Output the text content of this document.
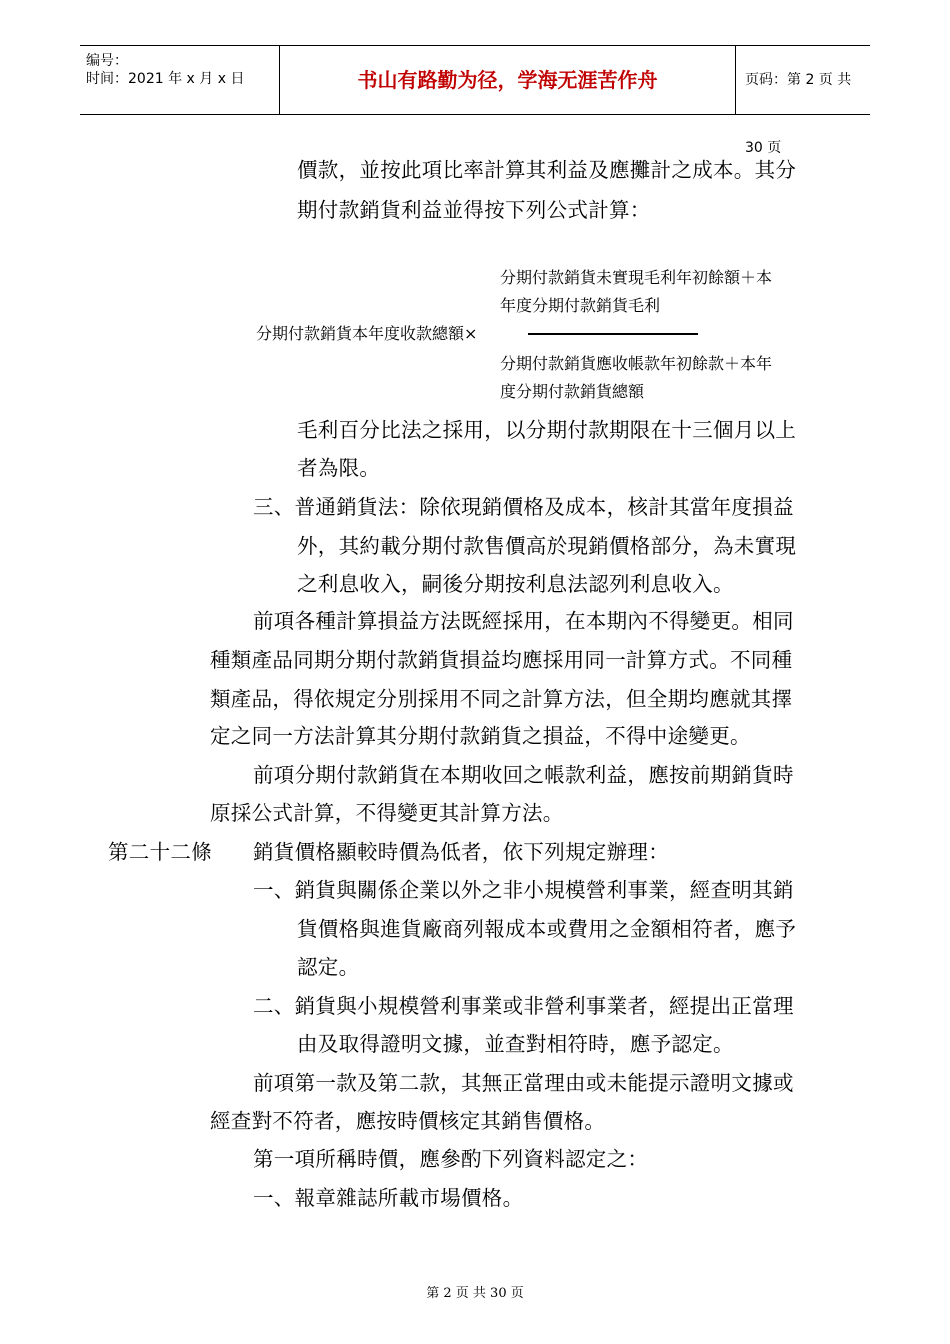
编号：
时间：2021 年 x 月 x 日	书山有路勤为径，学海无涯苦作舟	页码：第 2 页 共 30 页
價款，並按此項比率計算其利益及應攤計之成本。其分
期付款銷貨利益並得按下列公式計算：
分期付款銷貨未實現毛利年初餘額＋本
年度分期付款銷貨毛利
分期付款銷貨本年度收款總額×
分期付款銷貨應收帳款年初餘款＋本年
度分期付款銷貨總額
毛利百分比法之採用，以分期付款期限在十三個月以上
者為限。
三、普通銷貨法：除依現銷價格及成本，核計其當年度損益
外，其約載分期付款售價高於現銷價格部分，為未實現
之利息收入，嗣後分期按利息法認列利息收入。
前項各種計算損益方法既經採用，在本期內不得變更。相同
種類產品同期分期付款銷貨損益均應採用同一計算方式。不同種
類產品，得依規定分別採用不同之計算方法，但全期均應就其擇
定之同一方法計算其分期付款銷貨之損益，不得中途變更。
前項分期付款銷貨在本期收回之帳款利益，應按前期銷貨時
原採公式計算，不得變更其計算方法。
第二十二條 銷貨價格顯較時價為低者，依下列規定辦理：
一、銷貨與關係企業以外之非小規模營利事業，經查明其銷
貨價格與進貨廠商列報成本或費用之金額相符者，應予
認定。
二、銷貨與小規模營利事業或非營利事業者，經提出正當理
由及取得證明文據，並查對相符時，應予認定。
前項第一款及第二款，其無正當理由或未能提示證明文據或
經查對不符者，應按時價核定其銷售價格。
第一項所稱時價，應參酌下列資料認定之：
一、報章雜誌所載市場價格。
第 2 页 共 30 页
